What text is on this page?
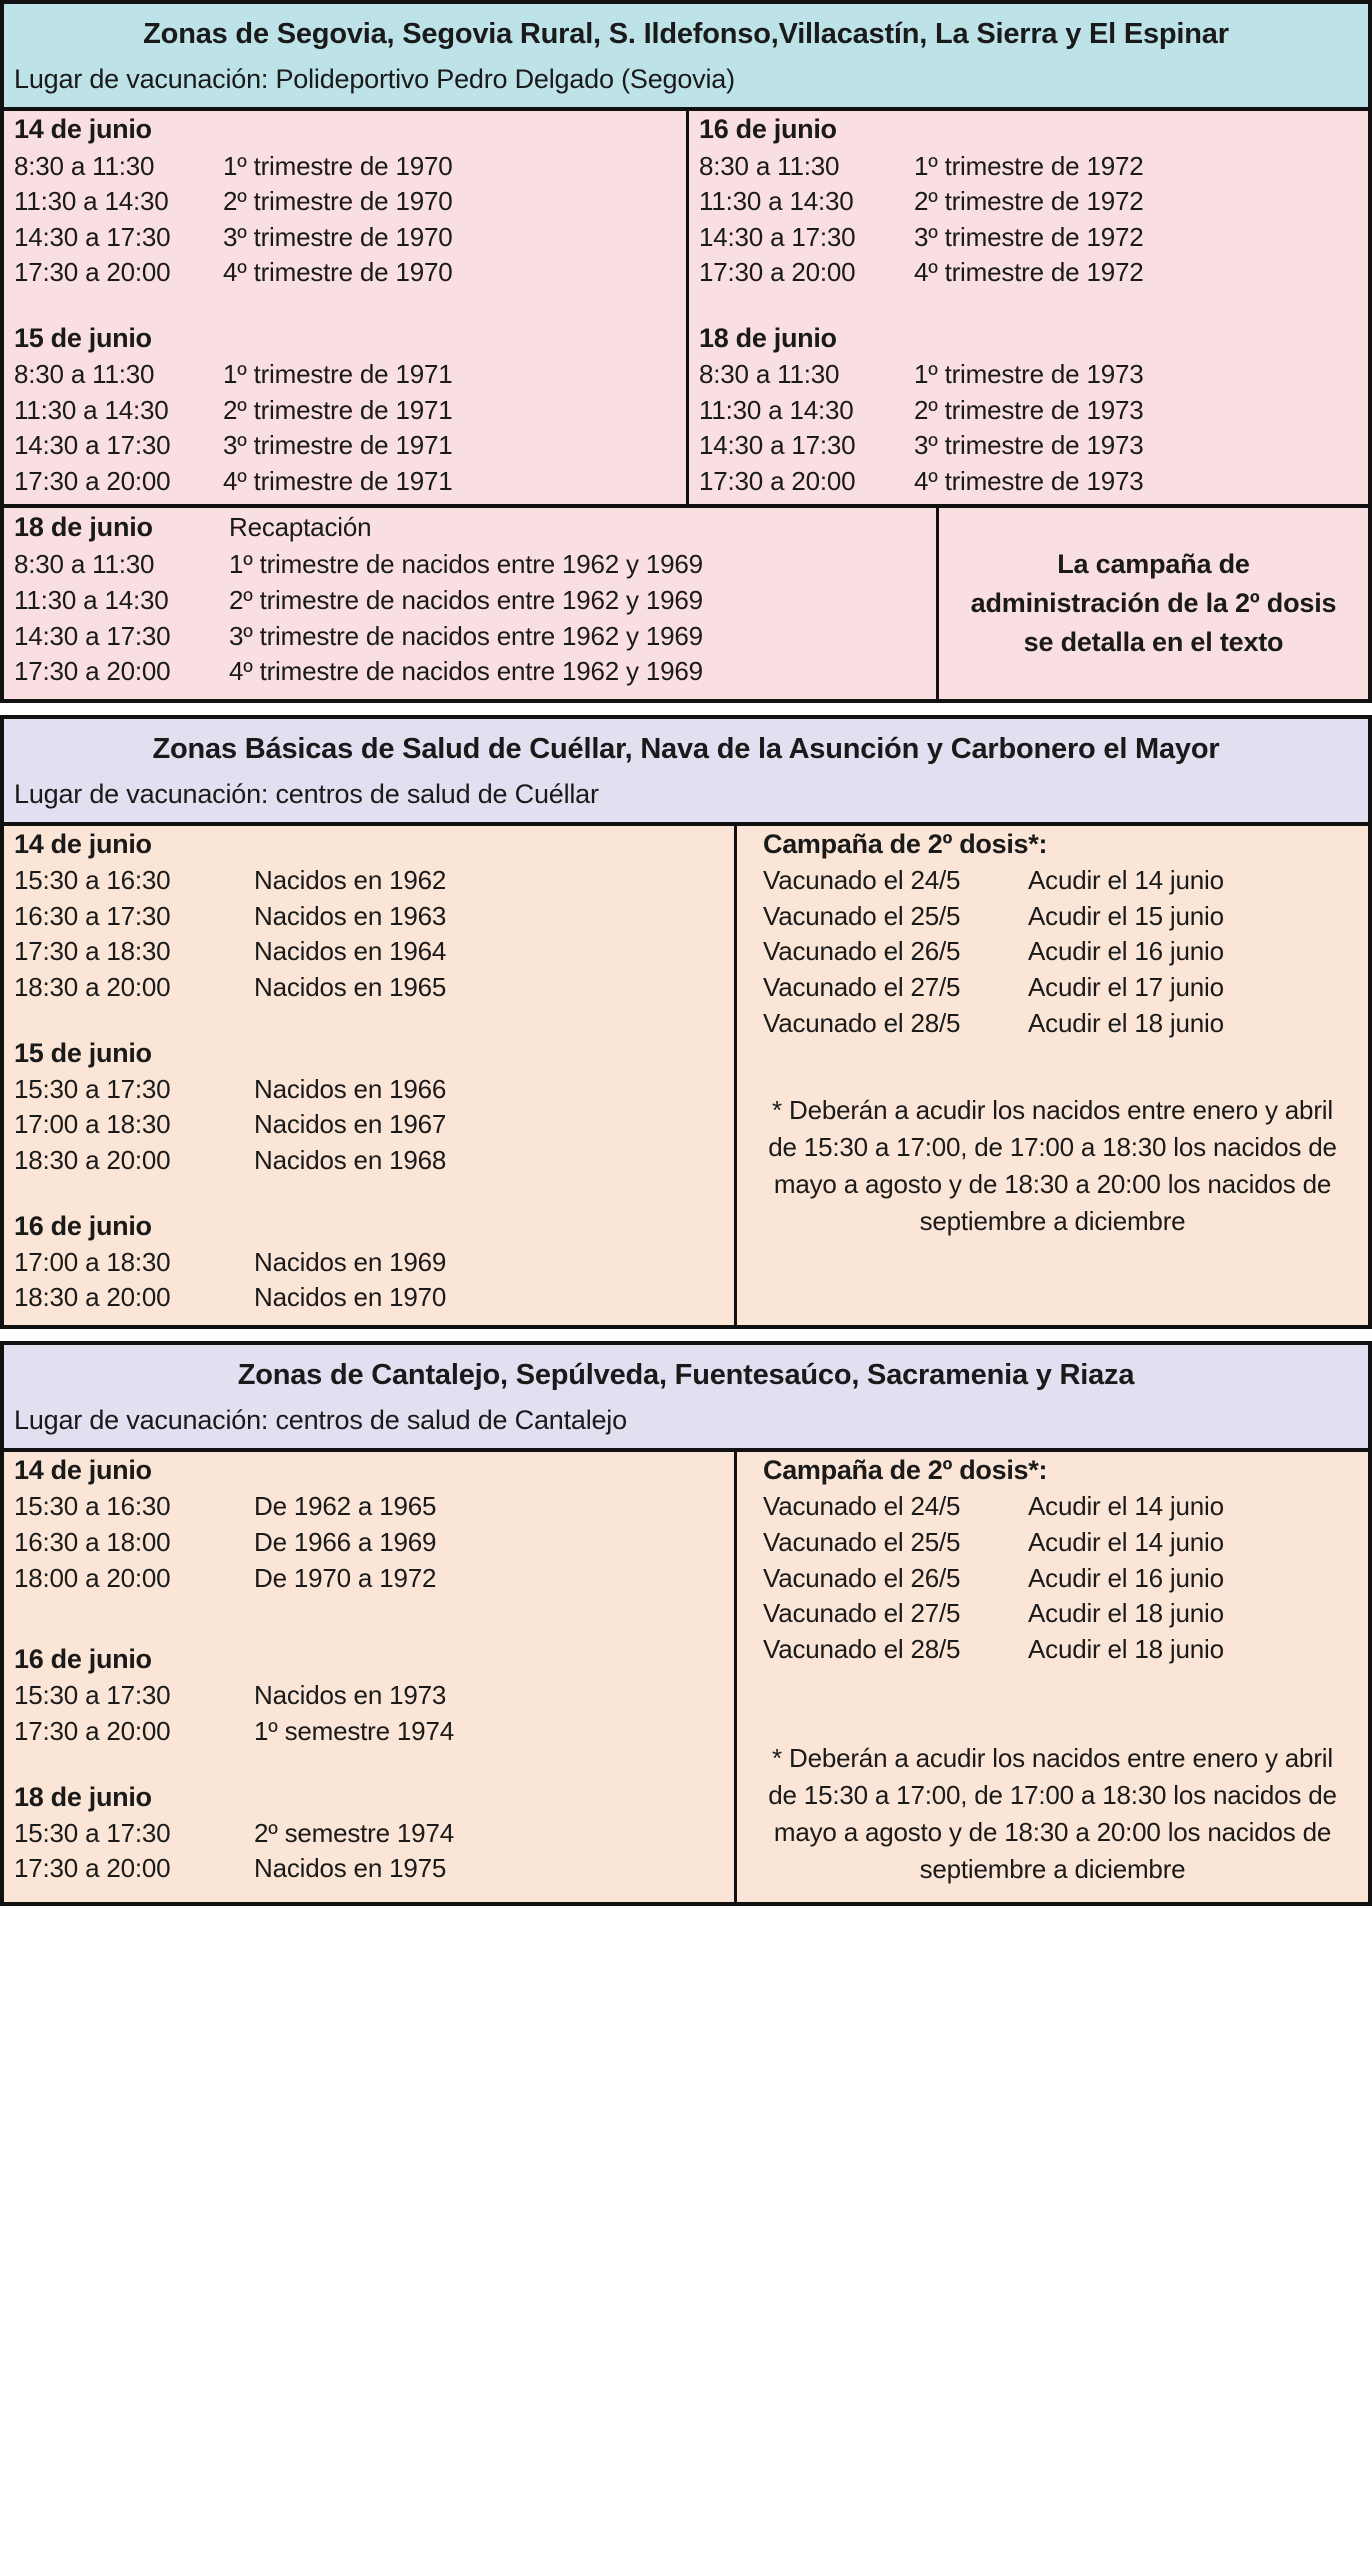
Zonas de Segovia, Segovia Rural, S. Ildefonso,Villacastín, La Sierra y El Espinar
Lugar de vacunación: Polideportivo Pedro Delgado (Segovia)
14 de junio
8:30 a 11:30	1º trimestre de 1970
11:30 a 14:30	2º trimestre de 1970
14:30 a 17:30	3º trimestre de 1970
17:30 a 20:00	4º trimestre de 1970
15 de junio
8:30 a 11:30	1º trimestre de 1971
11:30 a 14:30	2º trimestre de 1971
14:30 a 17:30	3º trimestre de 1971
17:30 a 20:00	4º trimestre de 1971
16 de junio
8:30 a 11:30	1º trimestre de 1972
11:30 a 14:30	2º trimestre de 1972
14:30 a 17:30	3º trimestre de 1972
17:30 a 20:00	4º trimestre de 1972
18 de junio
8:30 a 11:30	1º trimestre de 1973
11:30 a 14:30	2º trimestre de 1973
14:30 a 17:30	3º trimestre de 1973
17:30 a 20:00	4º trimestre de 1973
18 de junio	Recaptación
8:30 a 11:30	1º trimestre de nacidos entre 1962 y 1969
11:30 a 14:30	2º trimestre de nacidos entre 1962 y 1969
14:30 a 17:30	3º trimestre de nacidos entre 1962 y 1969
17:30 a 20:00	4º trimestre de nacidos entre 1962 y 1969
La campaña de administración de la 2º dosis se detalla en el texto
Zonas Básicas de Salud de Cuéllar, Nava de la Asunción y Carbonero el Mayor
Lugar de vacunación: centros de salud de Cuéllar
14 de junio
15:30 a 16:30	Nacidos en 1962
16:30 a 17:30	Nacidos en 1963
17:30 a 18:30	Nacidos en 1964
18:30 a 20:00	Nacidos en 1965
15 de junio
15:30 a 17:30	Nacidos en 1966
17:00 a 18:30	Nacidos en 1967
18:30 a 20:00	Nacidos en 1968
16 de junio
17:00 a 18:30	Nacidos en 1969
18:30 a 20:00	Nacidos en 1970
Campaña de 2º dosis*:
Vacunado el 24/5	Acudir el 14 junio
Vacunado el 25/5	Acudir el 15 junio
Vacunado el 26/5	Acudir el 16 junio
Vacunado el 27/5	Acudir el 17 junio
Vacunado el 28/5	Acudir el 18 junio
* Deberán a acudir los nacidos entre enero y abril de 15:30 a 17:00, de 17:00 a 18:30 los nacidos de mayo a agosto y de 18:30 a 20:00 los nacidos de septiembre a diciembre
Zonas de Cantalejo, Sepúlveda, Fuentesaúco, Sacramenia y Riaza
Lugar de vacunación: centros de salud de Cantalejo
14 de junio
15:30 a 16:30	De 1962 a 1965
16:30 a 18:00	De 1966 a 1969
18:00 a 20:00	De 1970 a 1972
16 de junio
15:30 a 17:30	Nacidos en 1973
17:30 a 20:00	1º semestre 1974
18 de junio
15:30 a 17:30	2º semestre 1974
17:30 a 20:00	Nacidos en 1975
Campaña de 2º dosis*:
Vacunado el 24/5	Acudir el 14 junio
Vacunado el 25/5	Acudir el 14 junio
Vacunado el 26/5	Acudir el 16 junio
Vacunado el 27/5	Acudir el 18 junio
Vacunado el 28/5	Acudir el 18 junio
* Deberán a acudir los nacidos entre enero y abril de 15:30 a 17:00, de 17:00 a 18:30 los nacidos de mayo a agosto y de 18:30 a 20:00 los nacidos de septiembre a diciembre
